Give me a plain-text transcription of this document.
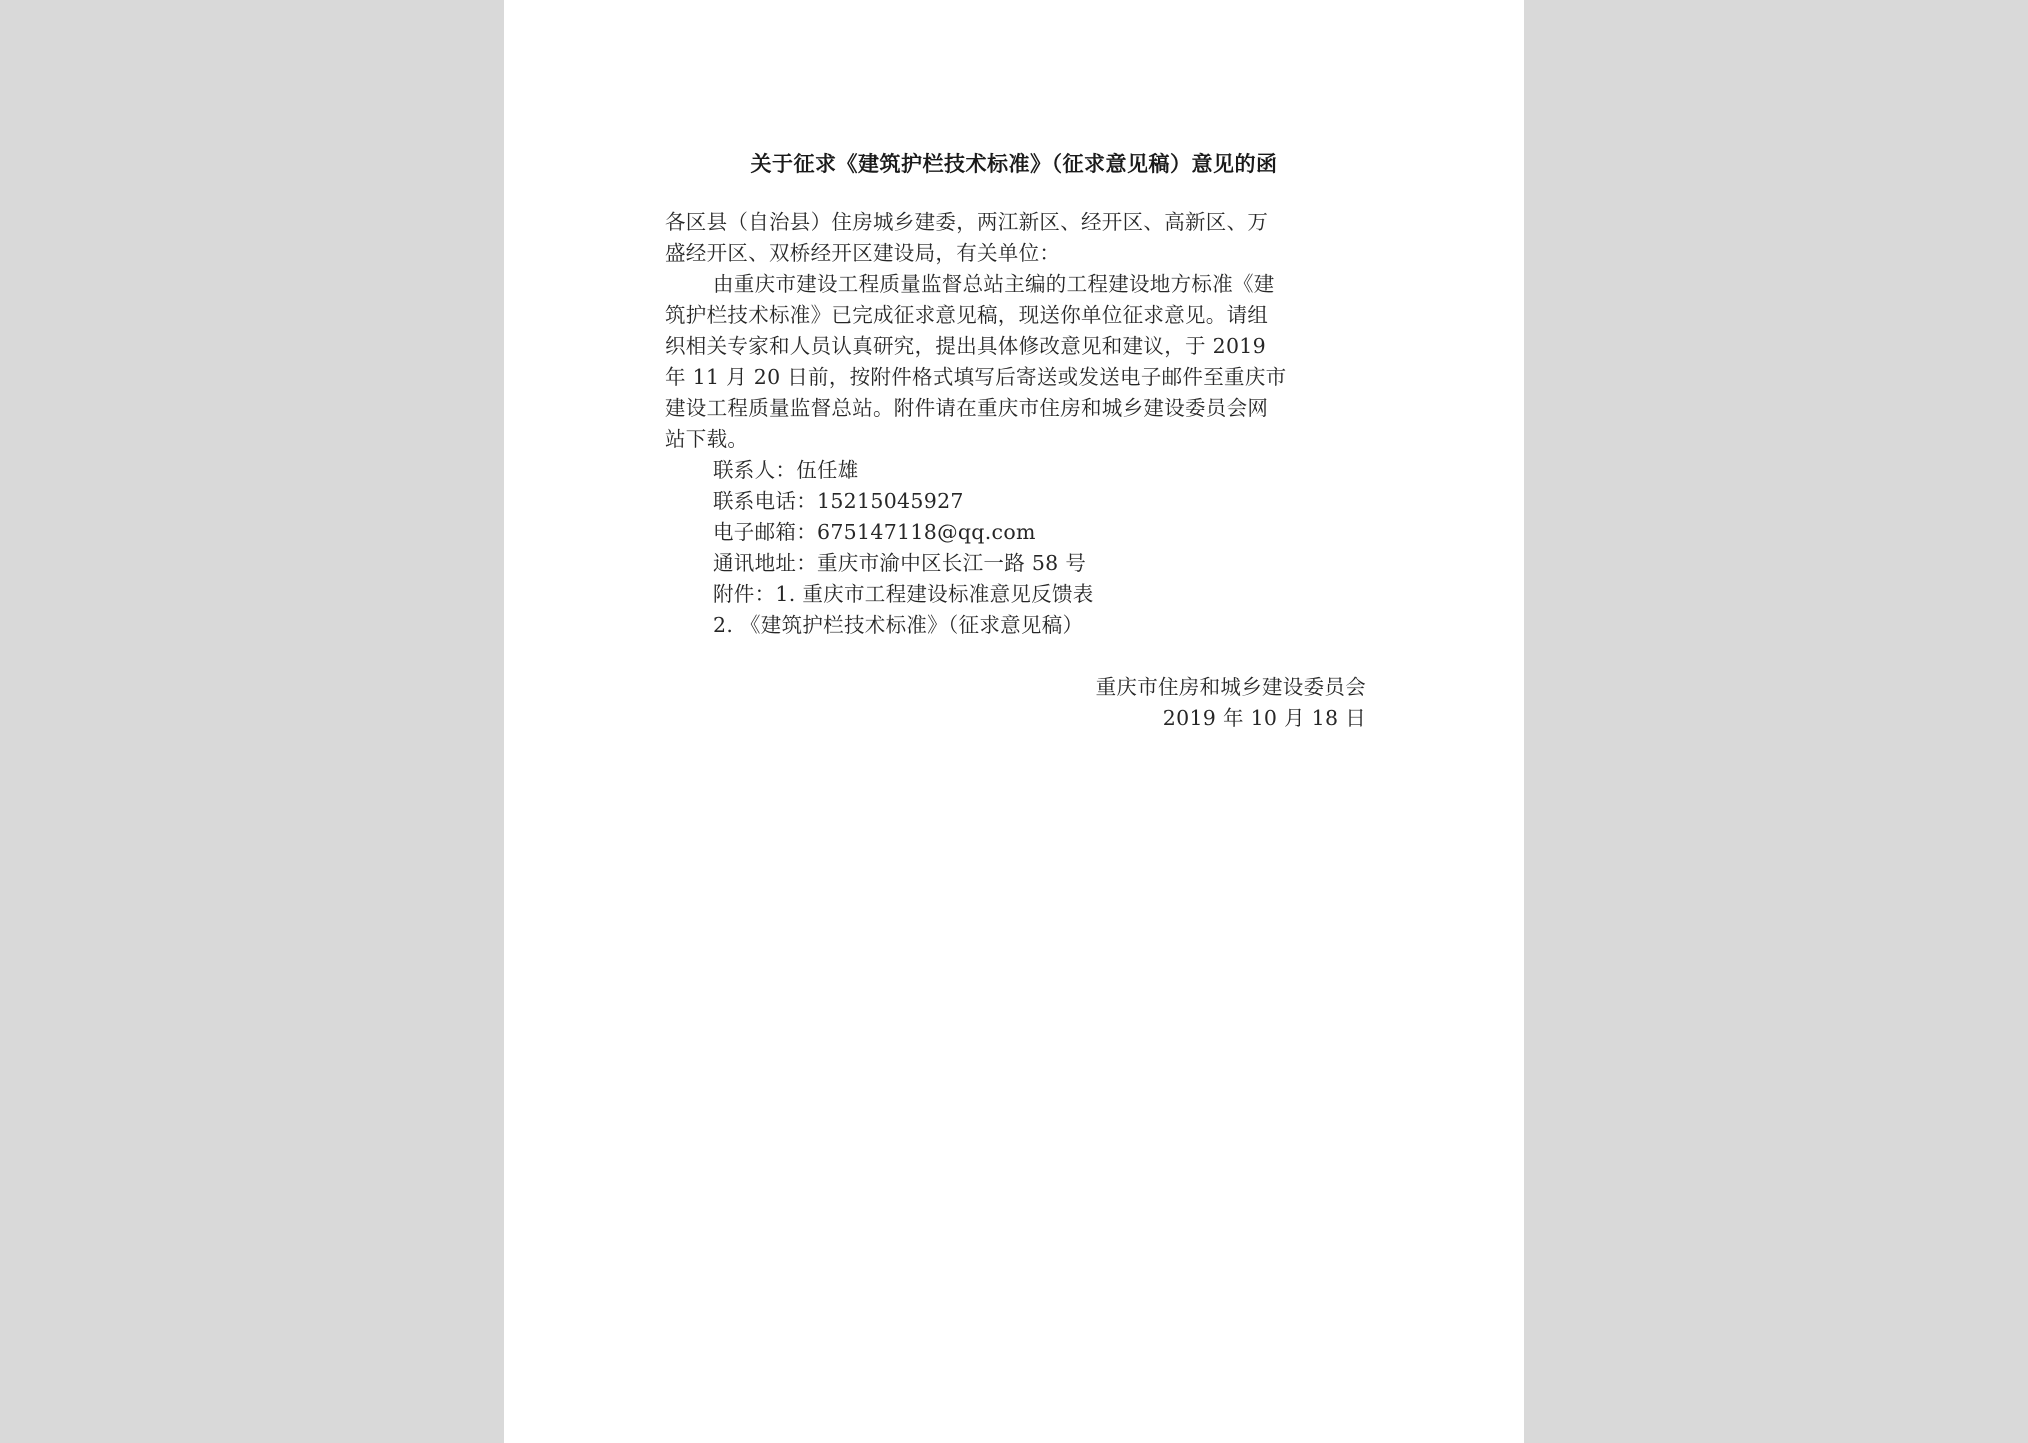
关于征求《建筑护栏技术标准》（征求意见稿）意见的函
各区县（自治县）住房城乡建委，两江新区、经开区、高新区、万
盛经开区、双桥经开区建设局，有关单位：
由重庆市建设工程质量监督总站主编的工程建设地方标准《建
筑护栏技术标准》已完成征求意见稿，现送你单位征求意见。请组
织相关专家和人员认真研究，提出具体修改意见和建议，于 2019
年 11 月 20 日前，按附件格式填写后寄送或发送电子邮件至重庆市
建设工程质量监督总站。附件请在重庆市住房和城乡建设委员会网
站下载。
联系人：伍任雄
联系电话：15215045927
电子邮箱：675147118@qq.com
通讯地址：重庆市渝中区长江一路 58 号
附件：1. 重庆市工程建设标准意见反馈表
2. 《建筑护栏技术标准》（征求意见稿）
重庆市住房和城乡建设委员会
2019 年 10 月 18 日
